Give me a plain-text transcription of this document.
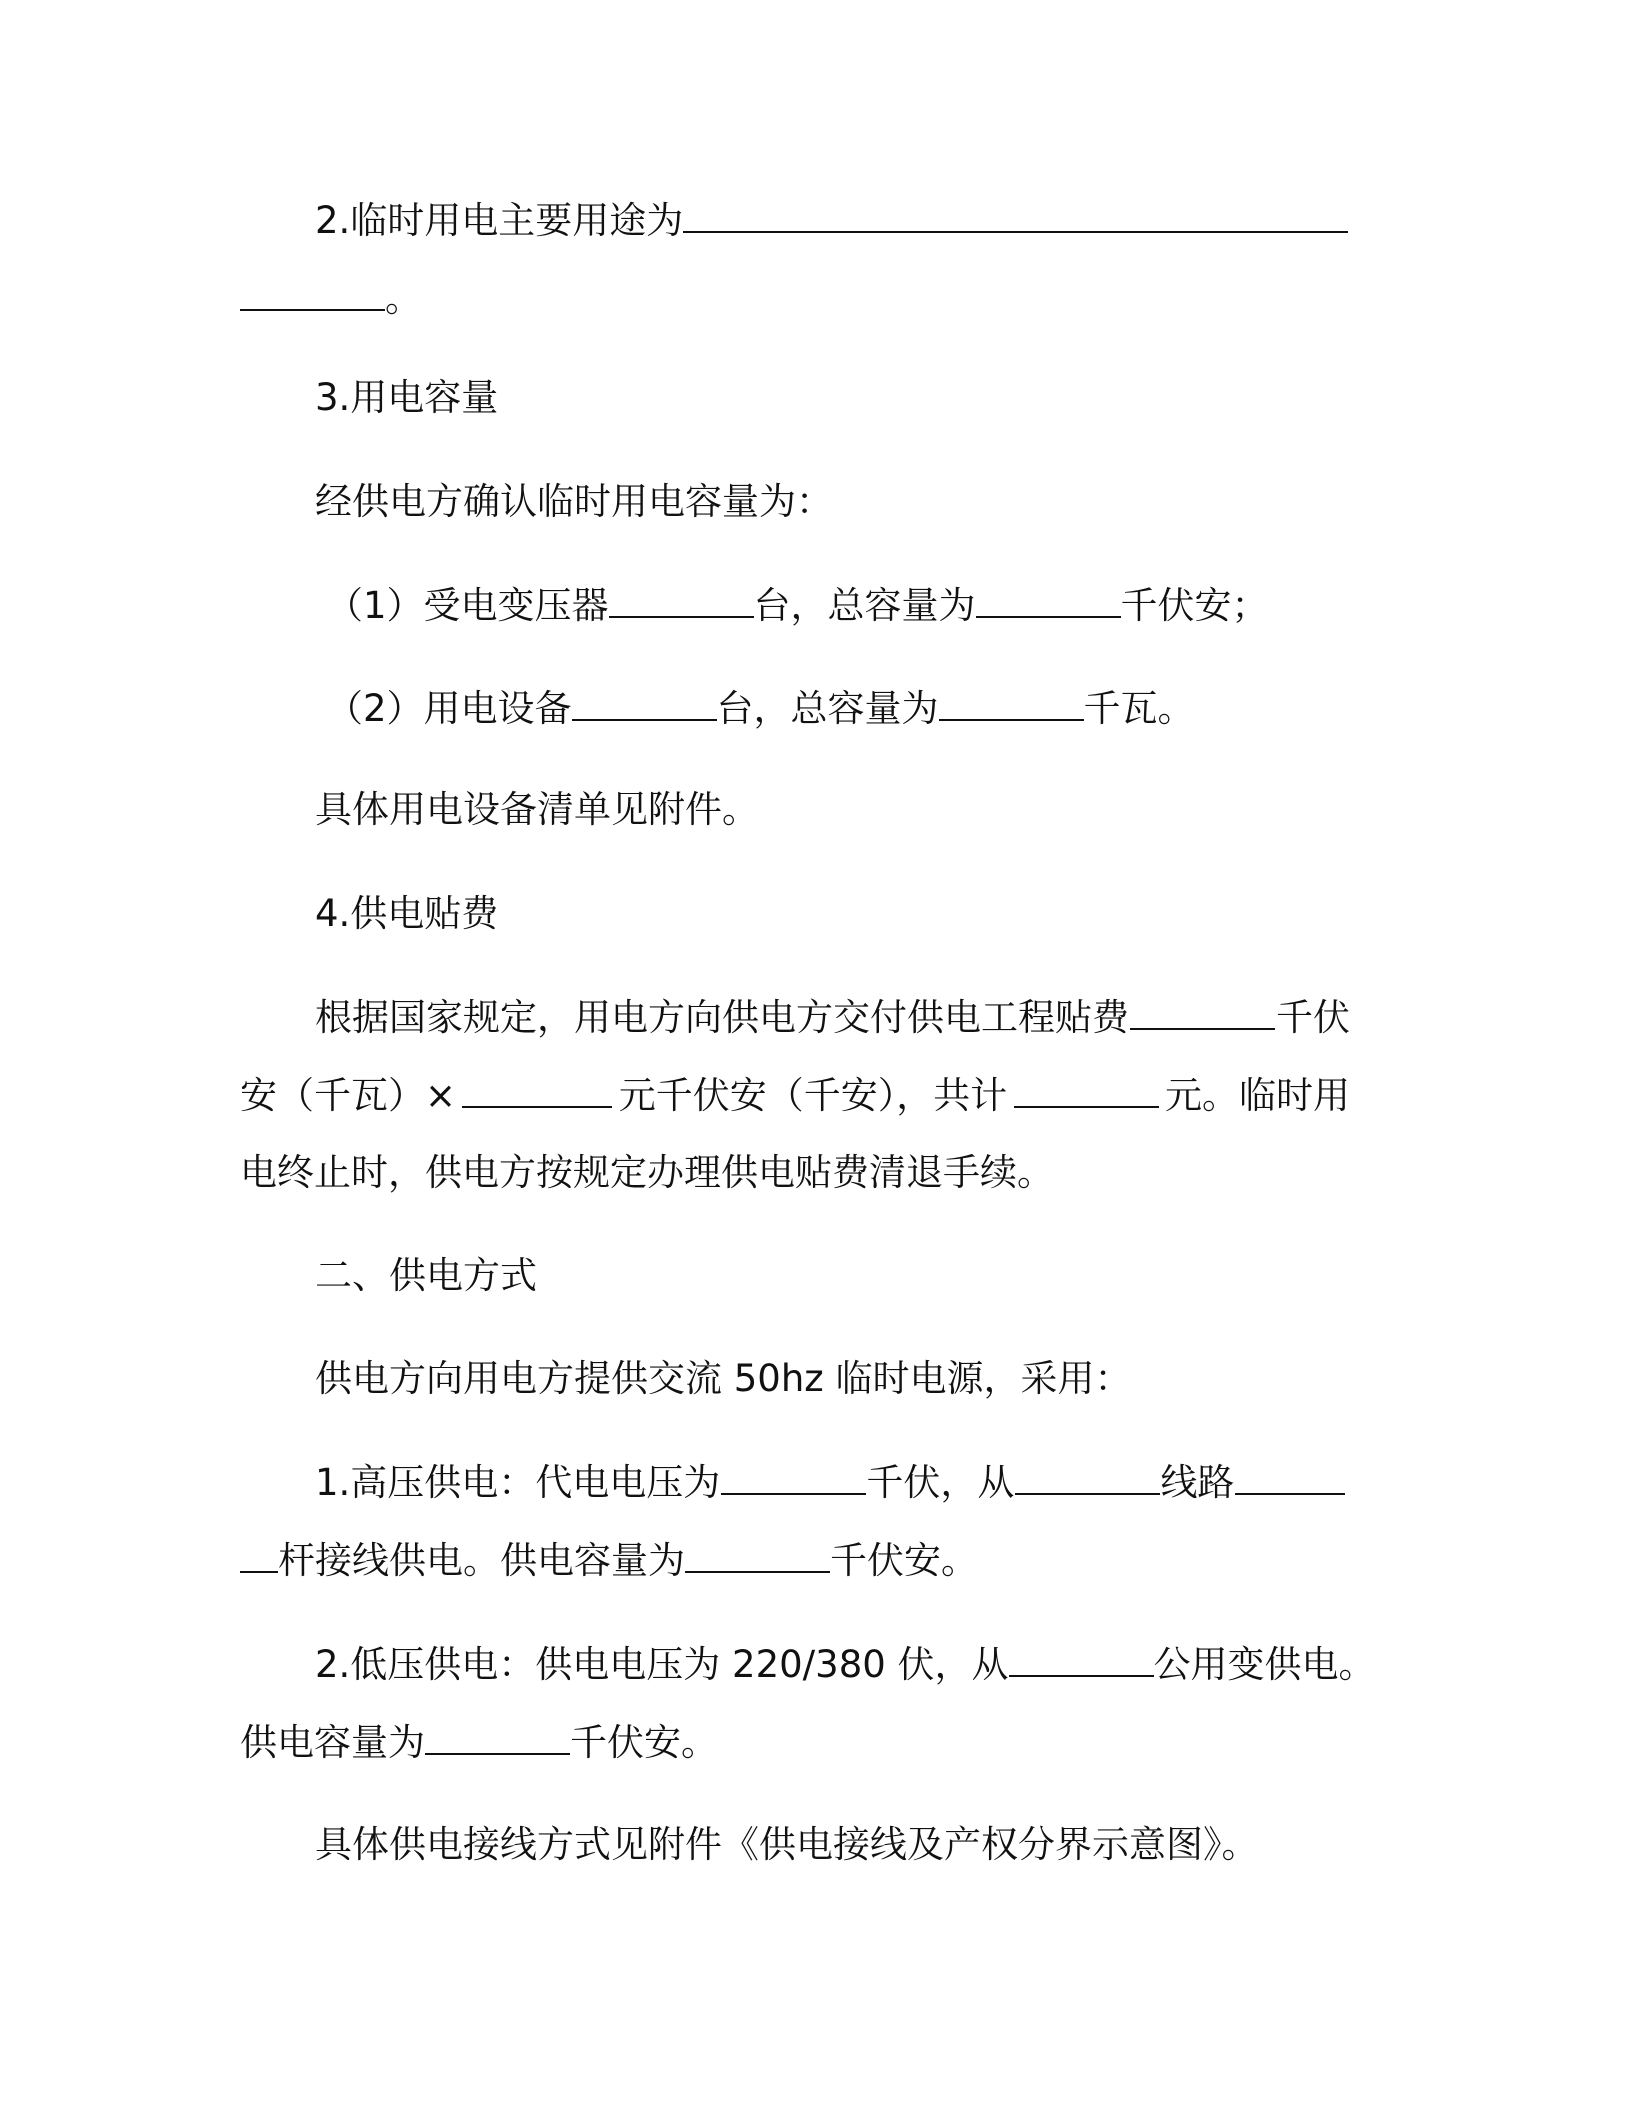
2.临时用电主要用途为
。
3.用电容量
经供电方确认临时用电容量为：
（1）受电变压器	台，总容量为	千伏安；
（2）用电设备	台，总容量为	千瓦。
具体用电设备清单见附件。
4.供电贴费
根据国家规定，用电方向供电方交付供电工程贴费	千伏
安（千瓦）×	元千伏安（千安），共计	元。临时用
电终止时，供电方按规定办理供电贴费清退手续。
二、供电方式
供电方向用电方提供交流 50hz 临时电源，采用：
1.高压供电：代电电压为	千伏，从	线路
杆接线供电。供电容量为	千伏安。
2.低压供电：供电电压为 220/380 伏，从	公用变供电。
供电容量为	千伏安。
具体供电接线方式见附件《供电接线及产权分界示意图》。
